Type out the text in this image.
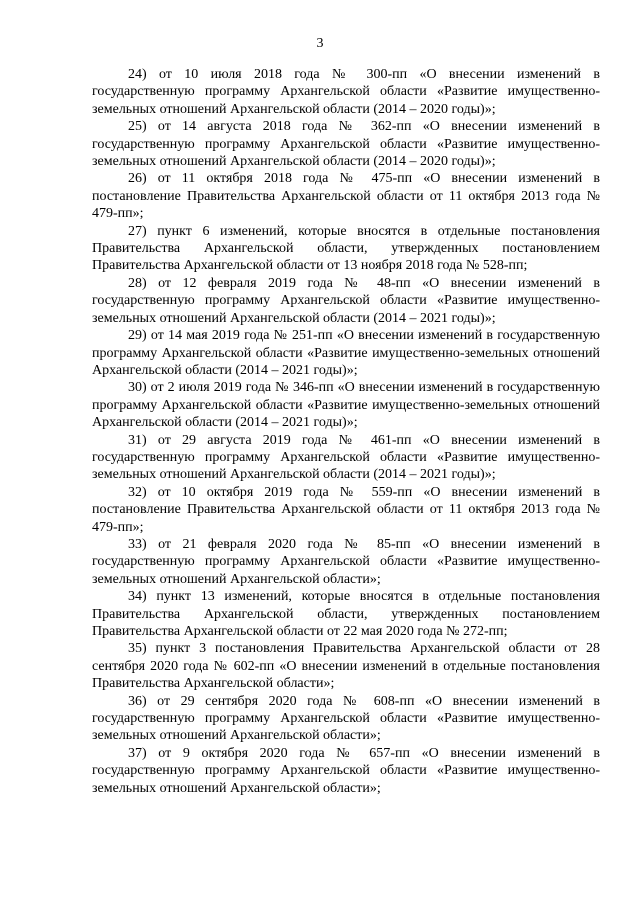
3

24) от 10 июля 2018 года № 300-пп «О внесении изменений в государственную программу Архангельской области «Развитие имущественно-земельных отношений Архангельской области (2014 – 2020 годы)»;

25) от 14 августа 2018 года № 362-пп «О внесении изменений в государственную программу Архангельской области «Развитие имущественно-земельных отношений Архангельской области (2014 – 2020 годы)»;

26) от 11 октября 2018 года № 475-пп «О внесении изменений в постановление Правительства Архангельской области от 11 октября 2013 года № 479-пп»;

27) пункт 6 изменений, которые вносятся в отдельные постановления Правительства Архангельской области, утвержденных постановлением Правительства Архангельской области от 13 ноября 2018 года № 528-пп;

28) от 12 февраля 2019 года № 48-пп «О внесении изменений в государственную программу Архангельской области «Развитие имущественно-земельных отношений Архангельской области (2014 – 2021 годы)»;

29) от 14 мая 2019 года № 251-пп «О внесении изменений в государственную программу Архангельской области «Развитие имущественно-земельных отношений Архангельской области (2014 – 2021 годы)»;

30) от 2 июля 2019 года № 346-пп «О внесении изменений в государственную программу Архангельской области «Развитие имущественно-земельных отношений Архангельской области (2014 – 2021 годы)»;

31) от 29 августа 2019 года № 461-пп «О внесении изменений в государственную программу Архангельской области «Развитие имущественно-земельных отношений Архангельской области (2014 – 2021 годы)»;

32) от 10 октября 2019 года № 559-пп «О внесении изменений в постановление Правительства Архангельской области от 11 октября 2013 года № 479-пп»;

33) от 21 февраля 2020 года № 85-пп «О внесении изменений в государственную программу Архангельской области «Развитие имущественно-земельных отношений Архангельской области»;

34) пункт 13 изменений, которые вносятся в отдельные постановления Правительства Архангельской области, утвержденных постановлением Правительства Архангельской области от 22 мая 2020 года № 272-пп;

35) пункт 3 постановления Правительства Архангельской области от 28 сентября 2020 года № 602-пп «О внесении изменений в отдельные постановления Правительства Архангельской области»;

36) от 29 сентября 2020 года № 608-пп «О внесении изменений в государственную программу Архангельской области «Развитие имущественно-земельных отношений Архангельской области»;

37) от 9 октября 2020 года № 657-пп «О внесении изменений в государственную программу Архангельской области «Развитие имущественно-земельных отношений Архангельской области»;
